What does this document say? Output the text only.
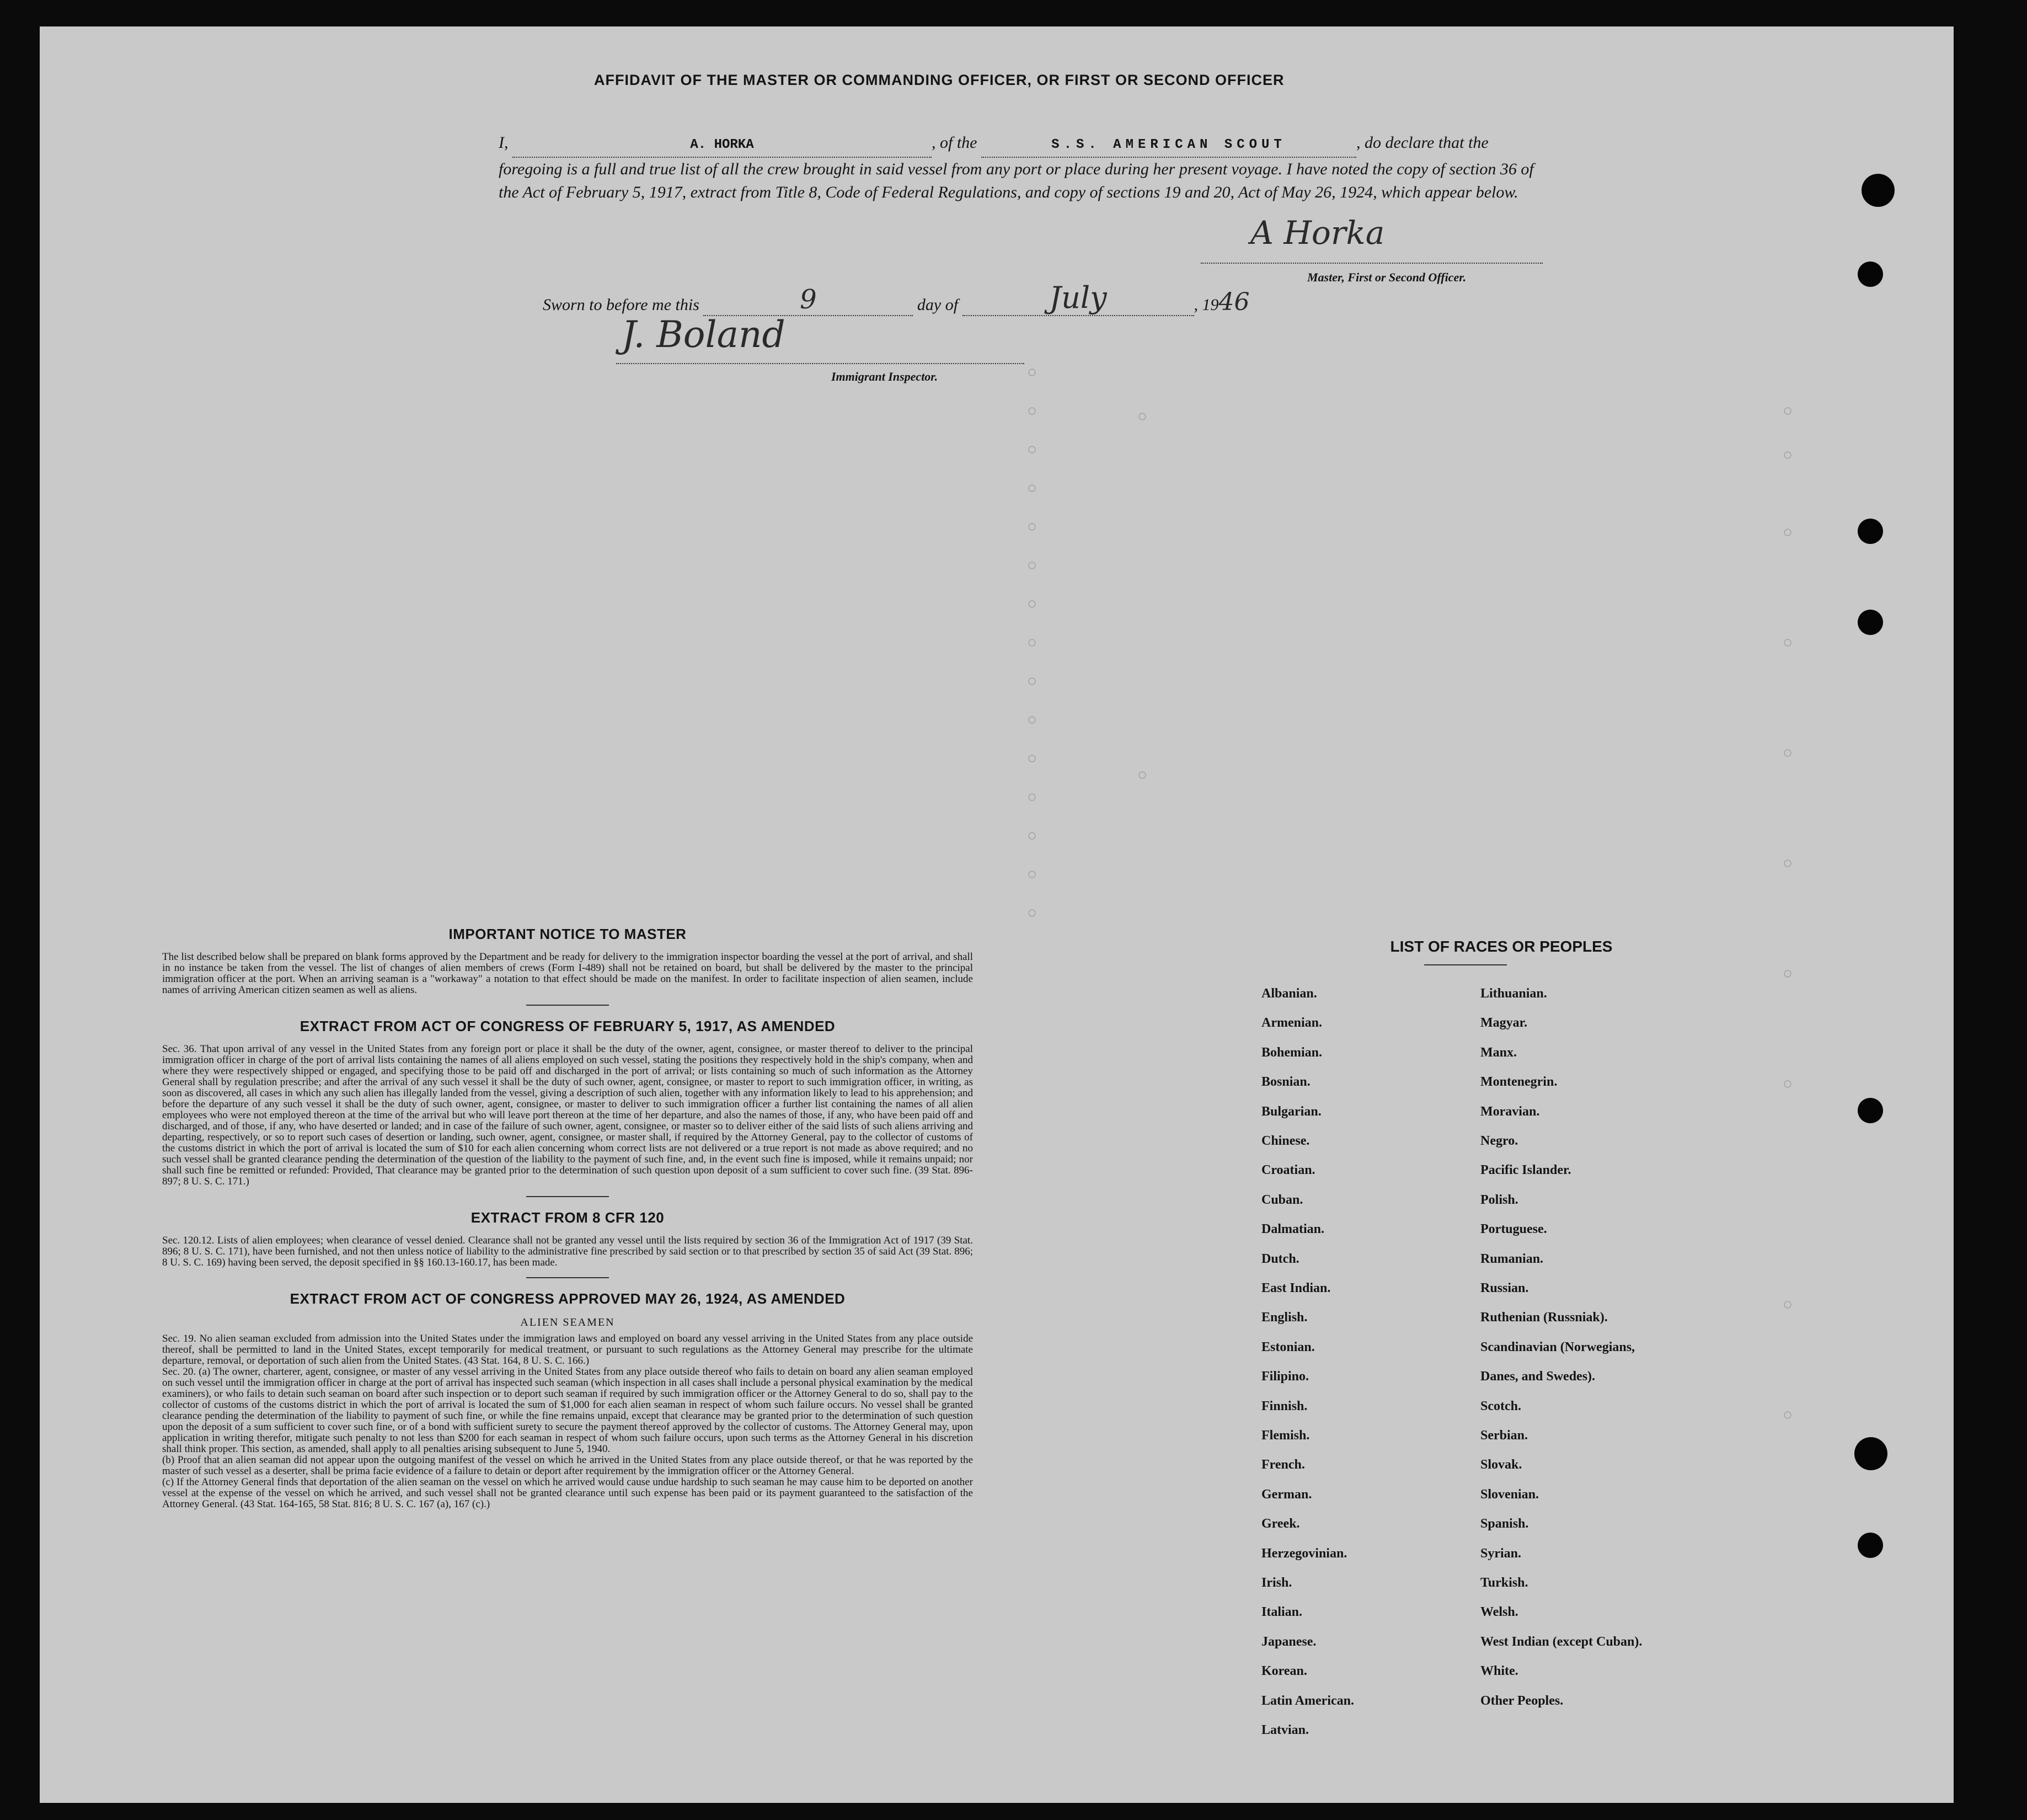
○
○
○
○
○
○
○
○
○
○
○
○
○
○
○
○
○
○
○
○
○
○
○
○
○
○
○
AFFIDAVIT OF THE MASTER OR COMMANDING OFFICER, OR FIRST OR SECOND OFFICER
I,	A. HORKA	, of the	S.S. AMERICAN SCOUT	, do declare that the foregoing is a full and true list of all the crew brought in said vessel from any port or place during her present voyage. I have noted the copy of section 36 of the Act of February 5, 1917, extract from Title 8, Code of Federal Regulations, and copy of sections 19 and 20, Act of May 26, 1924, which appear below.
A Horka
Master, First or Second Officer.
Sworn to before me this	9	day of	July	, 1946
J. Boland
Immigrant Inspector.
IMPORTANT NOTICE TO MASTER

The list described below shall be prepared on blank forms approved by the Department and be ready for delivery to the immigration inspector boarding the vessel at the port of arrival, and shall in no instance be taken from the vessel. The list of changes of alien members of crews (Form I-489) shall not be retained on board, but shall be delivered by the master to the principal immigration officer at the port. When an arriving seaman is a "workaway" a notation to that effect should be made on the manifest. In order to facilitate inspection of alien seamen, include names of arriving American citizen seamen as well as aliens.

EXTRACT FROM ACT OF CONGRESS OF FEBRUARY 5, 1917, AS AMENDED

Sec. 36. That upon arrival of any vessel in the United States from any foreign port or place it shall be the duty of the owner, agent, consignee, or master thereof to deliver to the principal immigration officer in charge of the port of arrival lists containing the names of all aliens employed on such vessel, stating the positions they respectively hold in the ship's company, when and where they were respectively shipped or engaged, and specifying those to be paid off and discharged in the port of arrival; or lists containing so much of such information as the Attorney General shall by regulation prescribe; and after the arrival of any such vessel it shall be the duty of such owner, agent, consignee, or master to report to such immigration officer, in writing, as soon as discovered, all cases in which any such alien has illegally landed from the vessel, giving a description of such alien, together with any information likely to lead to his apprehension; and before the departure of any such vessel it shall be the duty of such owner, agent, consignee, or master to deliver to such immigration officer a further list containing the names of all alien employees who were not employed thereon at the time of the arrival but who will leave port thereon at the time of her departure, and also the names of those, if any, who have been paid off and discharged, and of those, if any, who have deserted or landed; and in case of the failure of such owner, agent, consignee, or master so to deliver either of the said lists of such aliens arriving and departing, respectively, or so to report such cases of desertion or landing, such owner, agent, consignee, or master shall, if required by the Attorney General, pay to the collector of customs of the customs district in which the port of arrival is located the sum of $10 for each alien concerning whom correct lists are not delivered or a true report is not made as above required; and no such vessel shall be granted clearance pending the determination of the question of the liability to the payment of such fine, and, in the event such fine is imposed, while it remains unpaid; nor shall such fine be remitted or refunded: Provided, That clearance may be granted prior to the determination of such question upon deposit of a sum sufficient to cover such fine. (39 Stat. 896-897; 8 U. S. C. 171.)

EXTRACT FROM 8 CFR 120

Sec. 120.12. Lists of alien employees; when clearance of vessel denied. Clearance shall not be granted any vessel until the lists required by section 36 of the Immigration Act of 1917 (39 Stat. 896; 8 U. S. C. 171), have been furnished, and not then unless notice of liability to the administrative fine prescribed by said section or to that prescribed by section 35 of said Act (39 Stat. 896; 8 U. S. C. 169) having been served, the deposit specified in §§ 160.13-160.17, has been made.

EXTRACT FROM ACT OF CONGRESS APPROVED MAY 26, 1924, AS AMENDED

ALIEN SEAMEN

Sec. 19. No alien seaman excluded from admission into the United States under the immigration laws and employed on board any vessel arriving in the United States from any place outside thereof, shall be permitted to land in the United States, except temporarily for medical treatment, or pursuant to such regulations as the Attorney General may prescribe for the ultimate departure, removal, or deportation of such alien from the United States. (43 Stat. 164, 8 U. S. C. 166.)

Sec. 20. (a) The owner, charterer, agent, consignee, or master of any vessel arriving in the United States from any place outside thereof who fails to detain on board any alien seaman employed on such vessel until the immigration officer in charge at the port of arrival has inspected such seaman (which inspection in all cases shall include a personal physical examination by the medical examiners), or who fails to detain such seaman on board after such inspection or to deport such seaman if required by such immigration officer or the Attorney General to do so, shall pay to the collector of customs of the customs district in which the port of arrival is located the sum of $1,000 for each alien seaman in respect of whom such failure occurs. No vessel shall be granted clearance pending the determination of the liability to payment of such fine, or while the fine remains unpaid, except that clearance may be granted prior to the determination of such question upon the deposit of a sum sufficient to cover such fine, or of a bond with sufficient surety to secure the payment thereof approved by the collector of customs. The Attorney General may, upon application in writing therefor, mitigate such penalty to not less than $200 for each seaman in respect of whom such failure occurs, upon such terms as the Attorney General in his discretion shall think proper. This section, as amended, shall apply to all penalties arising subsequent to June 5, 1940.

(b) Proof that an alien seaman did not appear upon the outgoing manifest of the vessel on which he arrived in the United States from any place outside thereof, or that he was reported by the master of such vessel as a deserter, shall be prima facie evidence of a failure to detain or deport after requirement by the immigration officer or the Attorney General.

(c) If the Attorney General finds that deportation of the alien seaman on the vessel on which he arrived would cause undue hardship to such seaman he may cause him to be deported on another vessel at the expense of the vessel on which he arrived, and such vessel shall not be granted clearance until such expense has been paid or its payment guaranteed to the satisfaction of the Attorney General. (43 Stat. 164-165, 58 Stat. 816; 8 U. S. C. 167 (a), 167 (c).)

LIST OF RACES OR PEOPLES
Albanian.
Armenian.
Bohemian.
Bosnian.
Bulgarian.
Chinese.
Croatian.
Cuban.
Dalmatian.
Dutch.
East Indian.
English.
Estonian.
Filipino.
Finnish.
Flemish.
French.
German.
Greek.
Herzegovinian.
Irish.
Italian.
Japanese.
Korean.
Latin American.
Latvian.
Lithuanian.
Magyar.
Manx.
Montenegrin.
Moravian.
Negro.
Pacific Islander.
Polish.
Portuguese.
Rumanian.
Russian.
Ruthenian (Russniak).
Scandinavian (Norwegians,
Danes, and Swedes).
Scotch.
Serbian.
Slovak.
Slovenian.
Spanish.
Syrian.
Turkish.
Welsh.
West Indian (except Cuban).
White.
Other Peoples.
